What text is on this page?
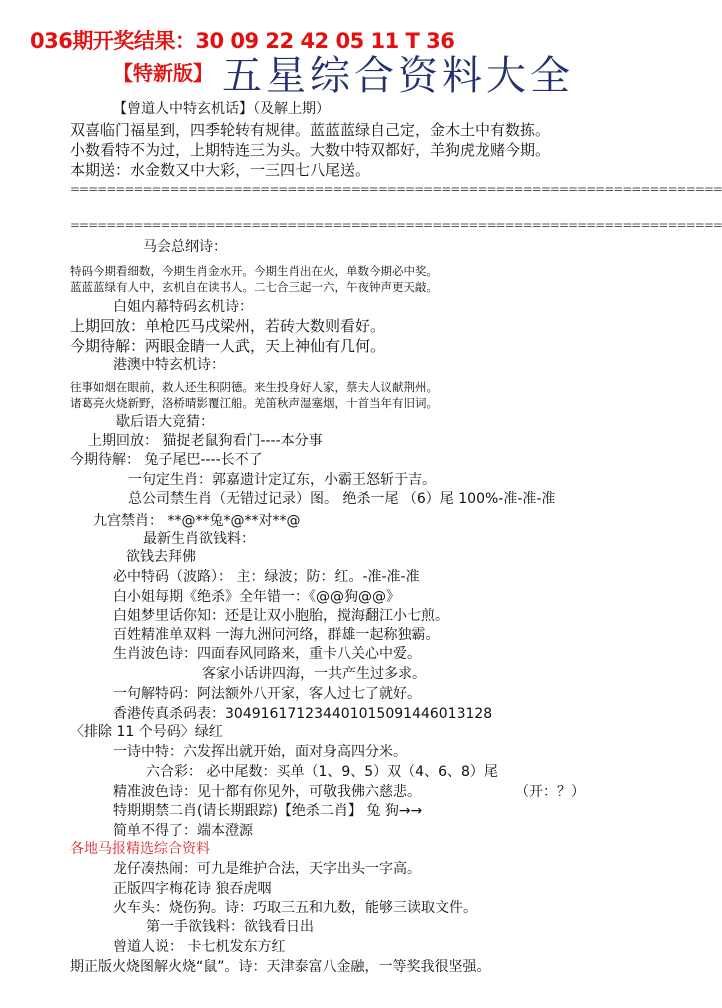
036期开奖结果：30 09 22 42 05 11 T 36
【特新版】 五星综合资料大全
【曾道人中特玄机话】（及解上期）
双喜临门福星到，四季轮转有规律。蓝蓝蓝绿自己定，金木土中有数拣。
小数看特不为过，上期特连三为头。大数中特双都好，羊狗虎龙赌今期。
本期送：水金数又中大彩，一三四七八尾送。
========================================================================
========================================================================
马会总纲诗：
特码今期看细数，今期生肖金水开。今期生肖出在火，单数今期必中奖。
蓝蓝蓝绿有人中，玄机自在读书人。二七合三起一六，午夜钟声更天敲。
白姐内幕特码玄机诗：
上期回放：单枪匹马戌梁州，若砖大数则看好。
今期待解：两眼金睛一人武，天上神仙有几何。
港澳中特玄机诗：
往事如烟在眼前，救人还生积阴德。来生投身好人家，蔡夫人议献荆州。
诸葛亮火烧新野，洛桥晴影覆江船。羌笛秋声湿塞烟，十首当年有旧词。
歇后语大竞猜：
上期回放： 猫捉老鼠狗看门----本分事
今期待解： 兔子尾巴----长不了
一句定生肖：郭嘉遗计定辽东，小霸王怒斩于吉。
总公司禁生肖（无错过记录）图。 绝杀一尾 （6）尾 100%-准-准-准
九宫禁肖： **@**兔*@**对**@
最新生肖欲钱料：
欲钱去拜佛
必中特码（波路）： 主：绿波；防：红。-准-准-准
白小姐每期《绝杀》全年错一：《@@狗@@》
白姐梦里话你知：还是让双小胞胎，搅海翻江小七煎。
百姓精准单双料 一海九洲问河络，群雄一起称独霸。
生肖波色诗：四面春风同路来，重卡八关心中爱。
客家小话讲四海，一共产生过多求。
一句解特码：阿法额外八开家，客人过七了就好。
香港传真杀码表：304916171234401015091446013128
〈排除 11 个号码〉绿红
一诗中特：六发挥出就开始，面对身高四分米。
六合彩： 必中尾数：买单（1、9、5）双（4、6、8）尾
精准波色诗：见十都有你见外，可敬我佛六慈悲。	（开：？）
特期期禁二肖(请长期跟踪)【绝杀二肖】 兔 狗→→
简单不得了：端本澄源
各地马报精选综合资料
龙仔凑热闹：可九是维护合法，天字出头一字高。
正版四字梅花诗 狼吞虎咽
火车头：烧伤狗。诗：巧取三五和九数，能够三读取文件。
第一手欲钱料：欲钱看日出
曾道人说： 卡七机发东方红
期正版火烧图解火烧“鼠”。诗：天津泰富八金融，一等奖我很坚强。
